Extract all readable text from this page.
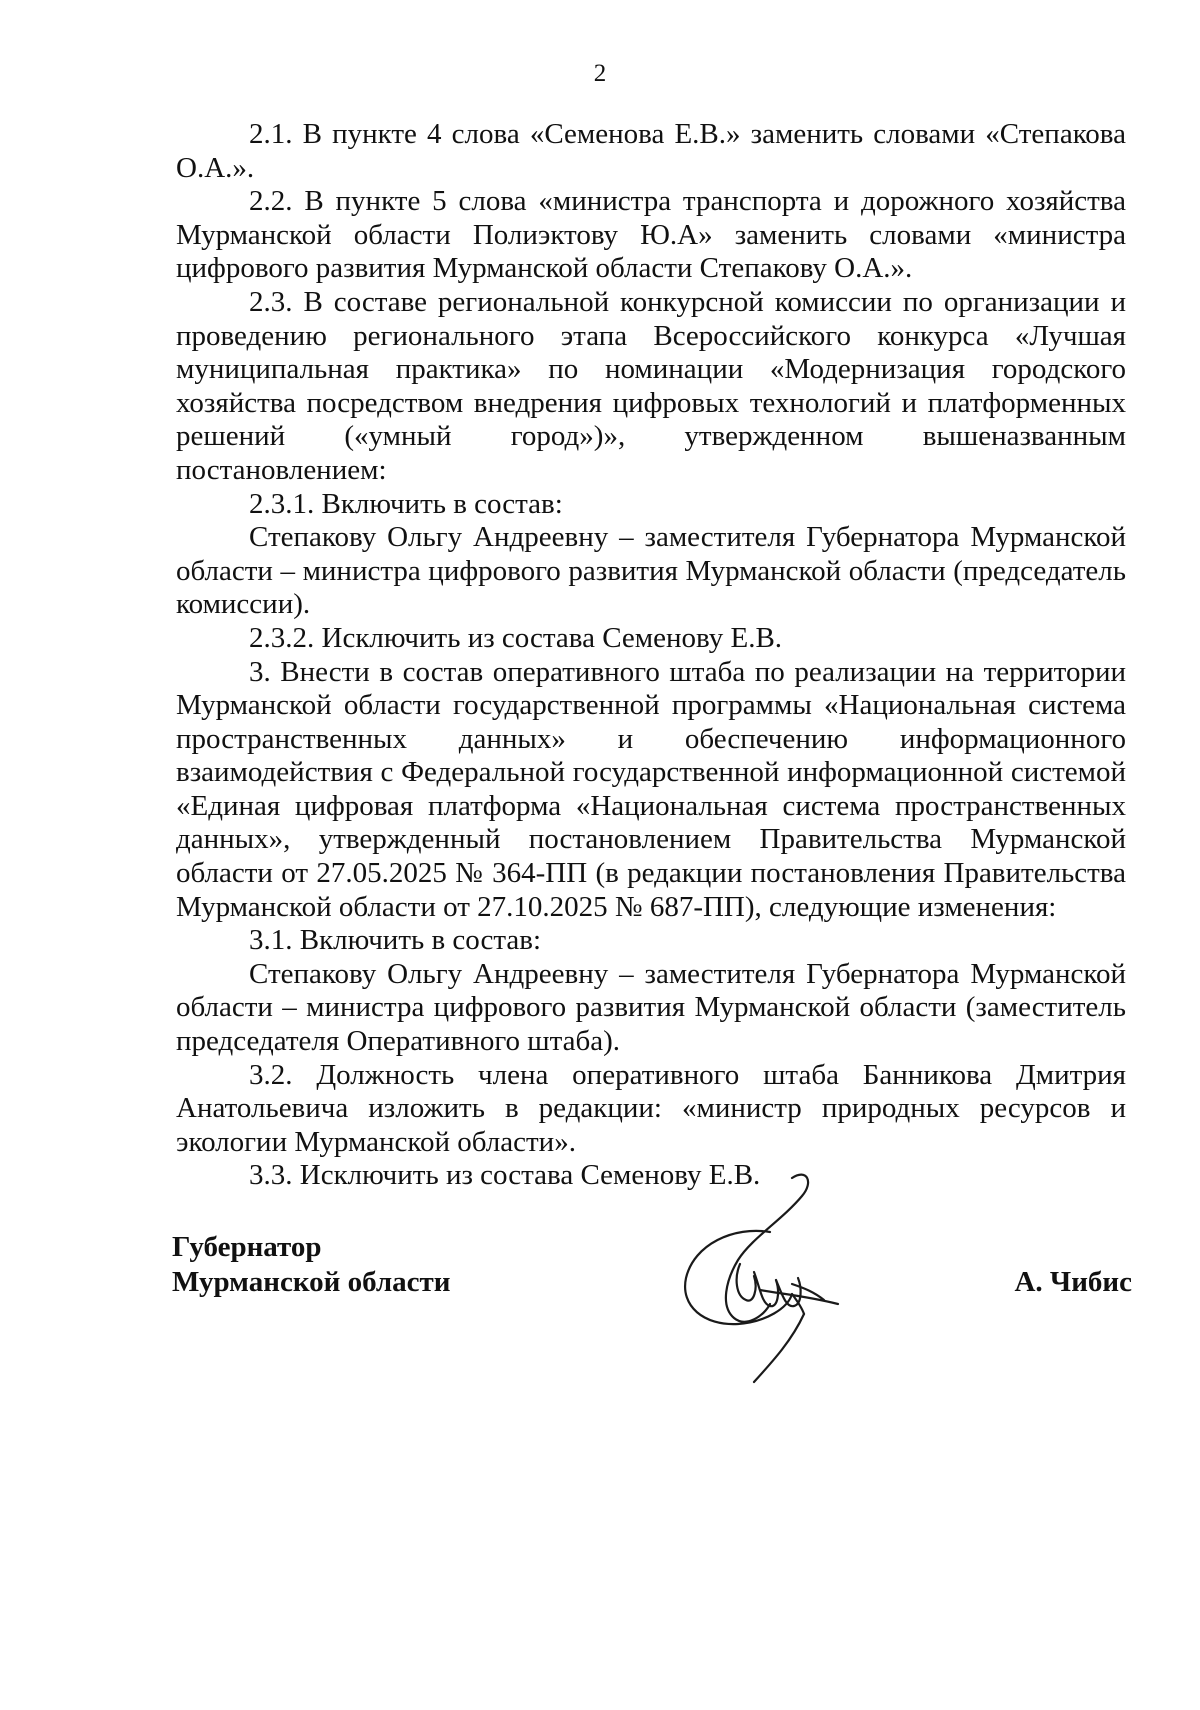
2

2.1. В пункте 4 слова «Семенова Е.В.» заменить словами «Степакова О.А.».

2.2. В пункте 5 слова «министра транспорта и дорожного хозяйства Мурманской области Полиэктову Ю.А» заменить словами «министра цифрового развития Мурманской области Степакову О.А.».

2.3. В составе региональной конкурсной комиссии по организации и проведению регионального этапа Всероссийского конкурса «Лучшая муниципальная практика» по номинации «Модернизация городского хозяйства посредством внедрения цифровых технологий и платформенных решений («умный город»)», утвержденном вышеназванным постановлением:

2.3.1. Включить в состав:

Степакову Ольгу Андреевну – заместителя Губернатора Мурманской области – министра цифрового развития Мурманской области (председатель комиссии).

2.3.2. Исключить из состава Семенову Е.В.

3. Внести в состав оперативного штаба по реализации на территории Мурманской области государственной программы «Национальная система пространственных данных» и обеспечению информационного взаимодействия с Федеральной государственной информационной системой «Единая цифровая платформа «Национальная система пространственных данных», утвержденный постановлением Правительства Мурманской области от 27.05.2025 № 364-ПП (в редакции постановления Правительства Мурманской области от 27.10.2025 № 687-ПП), следующие изменения:

3.1. Включить в состав:

Степакову Ольгу Андреевну – заместителя Губернатора Мурманской области – министра цифрового развития Мурманской области (заместитель председателя Оперативного штаба).

3.2. Должность члена оперативного штаба Банникова Дмитрия Анатольевича изложить в редакции: «министр природных ресурсов и экологии Мурманской области».

3.3. Исключить из состава Семенову Е.В.

Губернатор
Мурманской области	А. Чибис
